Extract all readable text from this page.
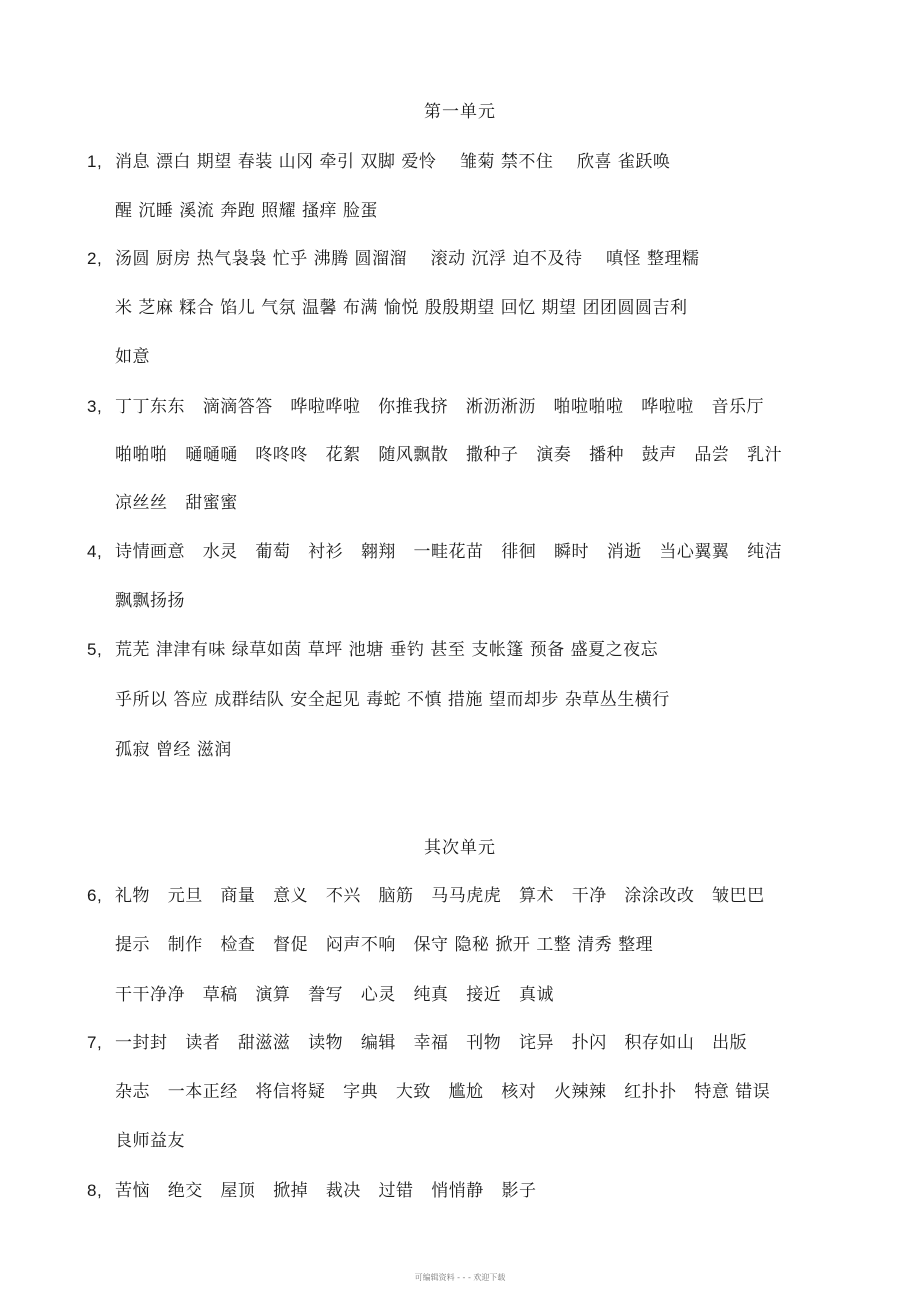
第一单元
1, 消息 漂白 期望 春装 山冈 牵引 双脚 爱怜    雏菊 禁不住    欣喜 雀跃唤
醒 沉睡 溪流 奔跑 照耀 搔痒 脸蛋
2, 汤圆 厨房 热气袅袅 忙乎 沸腾 圆溜溜    滚动 沉浮 迫不及待    嗔怪 整理糯
米 芝麻 糅合 馅儿 气氛 温馨 布满 愉悦 殷殷期望 回忆 期望 团团圆圆吉利
如意
3, 丁丁东东   滴滴答答   哗啦哗啦   你推我挤   淅沥淅沥   啪啦啪啦   哗啦啦   音乐厅
啪啪啪   嗵嗵嗵   咚咚咚   花絮   随风飘散   撒种子   演奏   播种   鼓声   品尝   乳汁
凉丝丝   甜蜜蜜
4, 诗情画意   水灵   葡萄   衬衫   翱翔   一畦花苗   徘徊   瞬时   消逝   当心翼翼   纯洁
飘飘扬扬
5, 荒芜 津津有味 绿草如茵 草坪 池塘 垂钓 甚至 支帐篷 预备 盛夏之夜忘
乎所以 答应 成群结队 安全起见 毒蛇 不慎 措施 望而却步 杂草丛生横行
孤寂 曾经 滋润
其次单元
6, 礼物   元旦   商量   意义   不兴   脑筋   马马虎虎   算术   干净   涂涂改改   皱巴巴
提示   制作   检查   督促   闷声不响   保守 隐秘 掀开 工整 清秀 整理
干干净净   草稿   演算   誊写   心灵   纯真   接近   真诚
7, 一封封   读者   甜滋滋   读物   编辑   幸福   刊物   诧异   扑闪   积存如山   出版
杂志   一本正经   将信将疑   字典   大致   尴尬   核对   火辣辣   红扑扑   特意 错误
良师益友
8, 苦恼   绝交   屋顶   掀掉   裁决   过错   悄悄静   影子
可编辑资料 - - - 欢迎下载
